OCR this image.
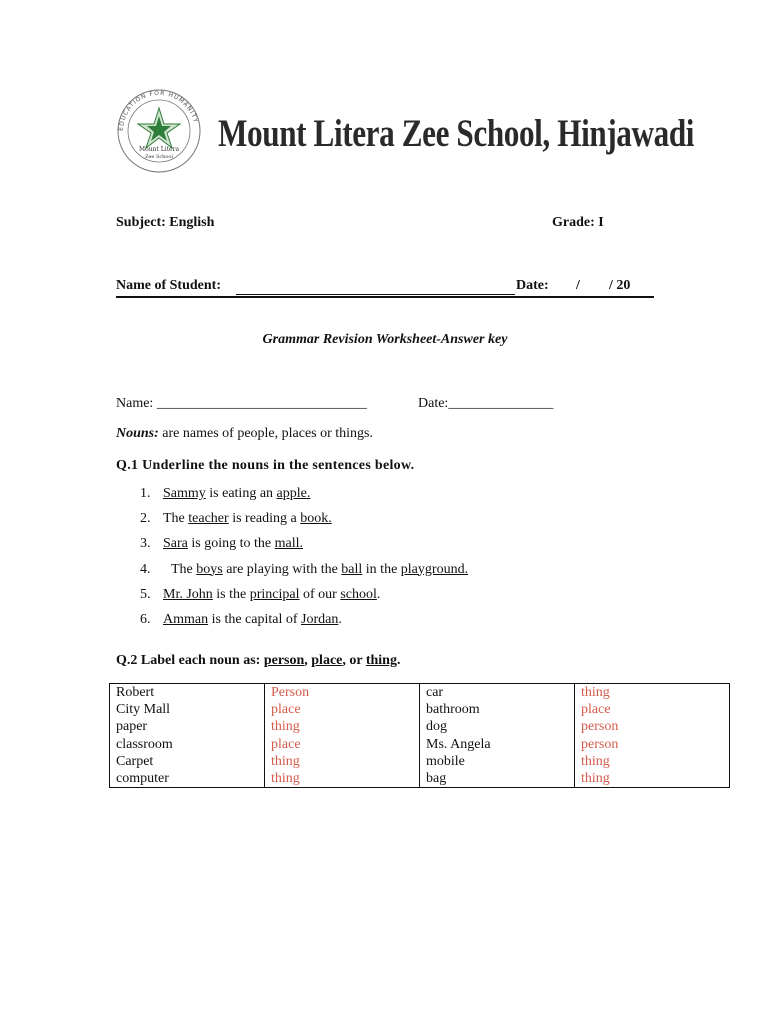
EDUCATION FOR HUMANITY
Mount Litera
Zee School
Mount Litera Zee School, Hinjawadi
Subject: English	Grade: I
Name of Student:	Date: / / 20
Grammar Revision Worksheet-Answer key
Name: ______________________________	Date:_______________
Nouns: are names of people, places or things.
Q.1 Underline the nouns in the sentences below.
1. Sammy is eating an apple.
2. The teacher is reading a book.
3. Sara is going to the mall.
4. The boys are playing with the ball in the playground.
5. Mr. John is the principal of our school.
6. Amman is the capital of Jordan.
Q.2 Label each noun as: person, place, or thing.
Robert	Person	car	thing
City Mall	place	bathroom	place
paper	thing	dog	person
classroom	place	Ms. Angela	person
Carpet	thing	mobile	thing
computer	thing	bag	thing
